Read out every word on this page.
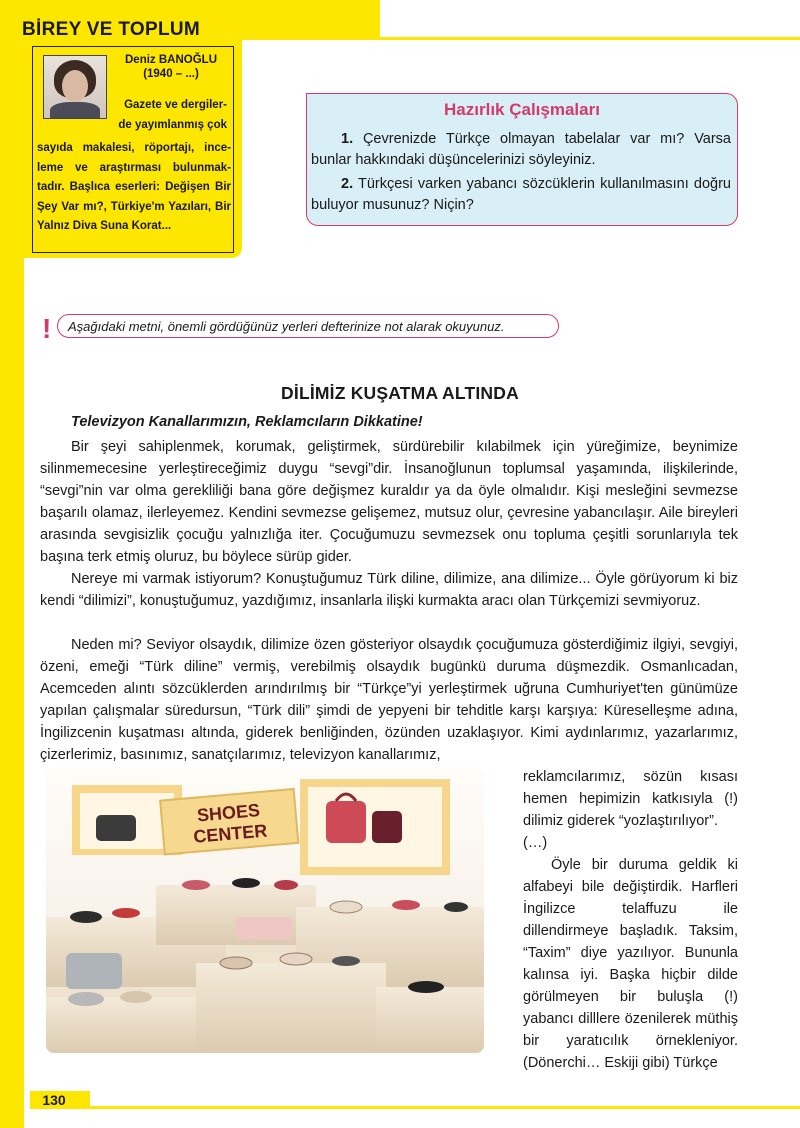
BİREY VE TOPLUM
Deniz BANOĞLU
(1940 – ...)
Gazete ve dergiler-
de yayımlanmış çok
sayıda makalesi, röportajı, ince-leme ve araştırması bulunmak-tadır. Başlıca eserleri: Değişen Bir Şey Var mı?, Türkiye'm Yazıları, Bir Yalnız Diva Suna Korat...
Hazırlık Çalışmaları
1. Çevrenizde Türkçe olmayan tabelalar var mı? Varsa bunlar hakkındaki düşüncelerinizi söyleyiniz.
2. Türkçesi varken yabancı sözcüklerin kullanılmasını doğru buluyor musunuz? Niçin?
!	Aşağıdaki metni, önemli gördüğünüz yerleri defterinize not alarak okuyunuz.
DİLİMİZ KUŞATMA ALTINDA
Televizyon Kanallarımızın, Reklamcıların Dikkatine!
Bir şeyi sahiplenmek, korumak, geliştirmek, sürdürebilir kılabilmek için yüreğimize, beynimize silinmemecesine yerleştireceğimiz duygu “sevgi”dir. İnsanoğlunun toplumsal yaşamında, ilişkilerinde, “sevgi”nin var olma gerekliliği bana göre değişmez kuraldır ya da öyle olmalıdır. Kişi mesleğini sevmezse başarılı olamaz, ilerleyemez. Kendini sevmezse gelişemez, mutsuz olur, çevresine yabancılaşır. Aile bireyleri arasında sevgisizlik çocuğu yalnızlığa iter. Çocuğumuzu sevmezsek onu topluma çeşitli sorunlarıyla tek başına terk etmiş oluruz, bu böylece sürüp gider.
Nereye mi varmak istiyorum? Konuştuğumuz Türk diline, dilimize, ana dilimize... Öyle görüyorum ki biz kendi “dilimizi”, konuştuğumuz, yazdığımız, insanlarla ilişki kurmakta aracı olan Türkçemizi sevmiyoruz.
Neden mi? Seviyor olsaydık, dilimize özen gösteriyor olsaydık çocuğumuza gösterdiğimiz ilgiyi, sevgiyi, özeni, emeği “Türk diline” vermiş, verebilmiş olsaydık bugünkü duruma düşmezdik. Osmanlıcadan, Acemceden alıntı sözcüklerden arındırılmış bir “Türkçe”yi yerleştirmek uğruna Cumhuriyet'ten günümüze yapılan çalışmalar süredursun, “Türk dili” şimdi de yepyeni bir tehditle karşı karşıya: Küreselleşme adına, İngilizcenin kuşatması altında, giderek benliğinden, özünden uzaklaşıyor. Kimi aydınlarımız, yazarlarımız, çizerlerimiz, basınımız, sanatçılarımız, televizyon kanallarımız,
reklamcılarımız, sözün kısası hemen hepimizin katkısıyla (!) dilimiz giderek “yozlaştırılıyor”.
(…)
Öyle bir duruma geldik ki alfabeyi bile değiştirdik. Harfleri İngilizce telaffuzu ile dillendirmeye başladık. Taksim, “Taxim” diye yazılıyor. Bununla kalınsa iyi. Başka hiçbir dilde görülmeyen bir buluşla (!) yabancı dilllere özenilerek müthiş bir yaratıcılık örnekleniyor. (Dönerchi… Eskiji gibi) Türkçe
SHOES
CENTER
130
